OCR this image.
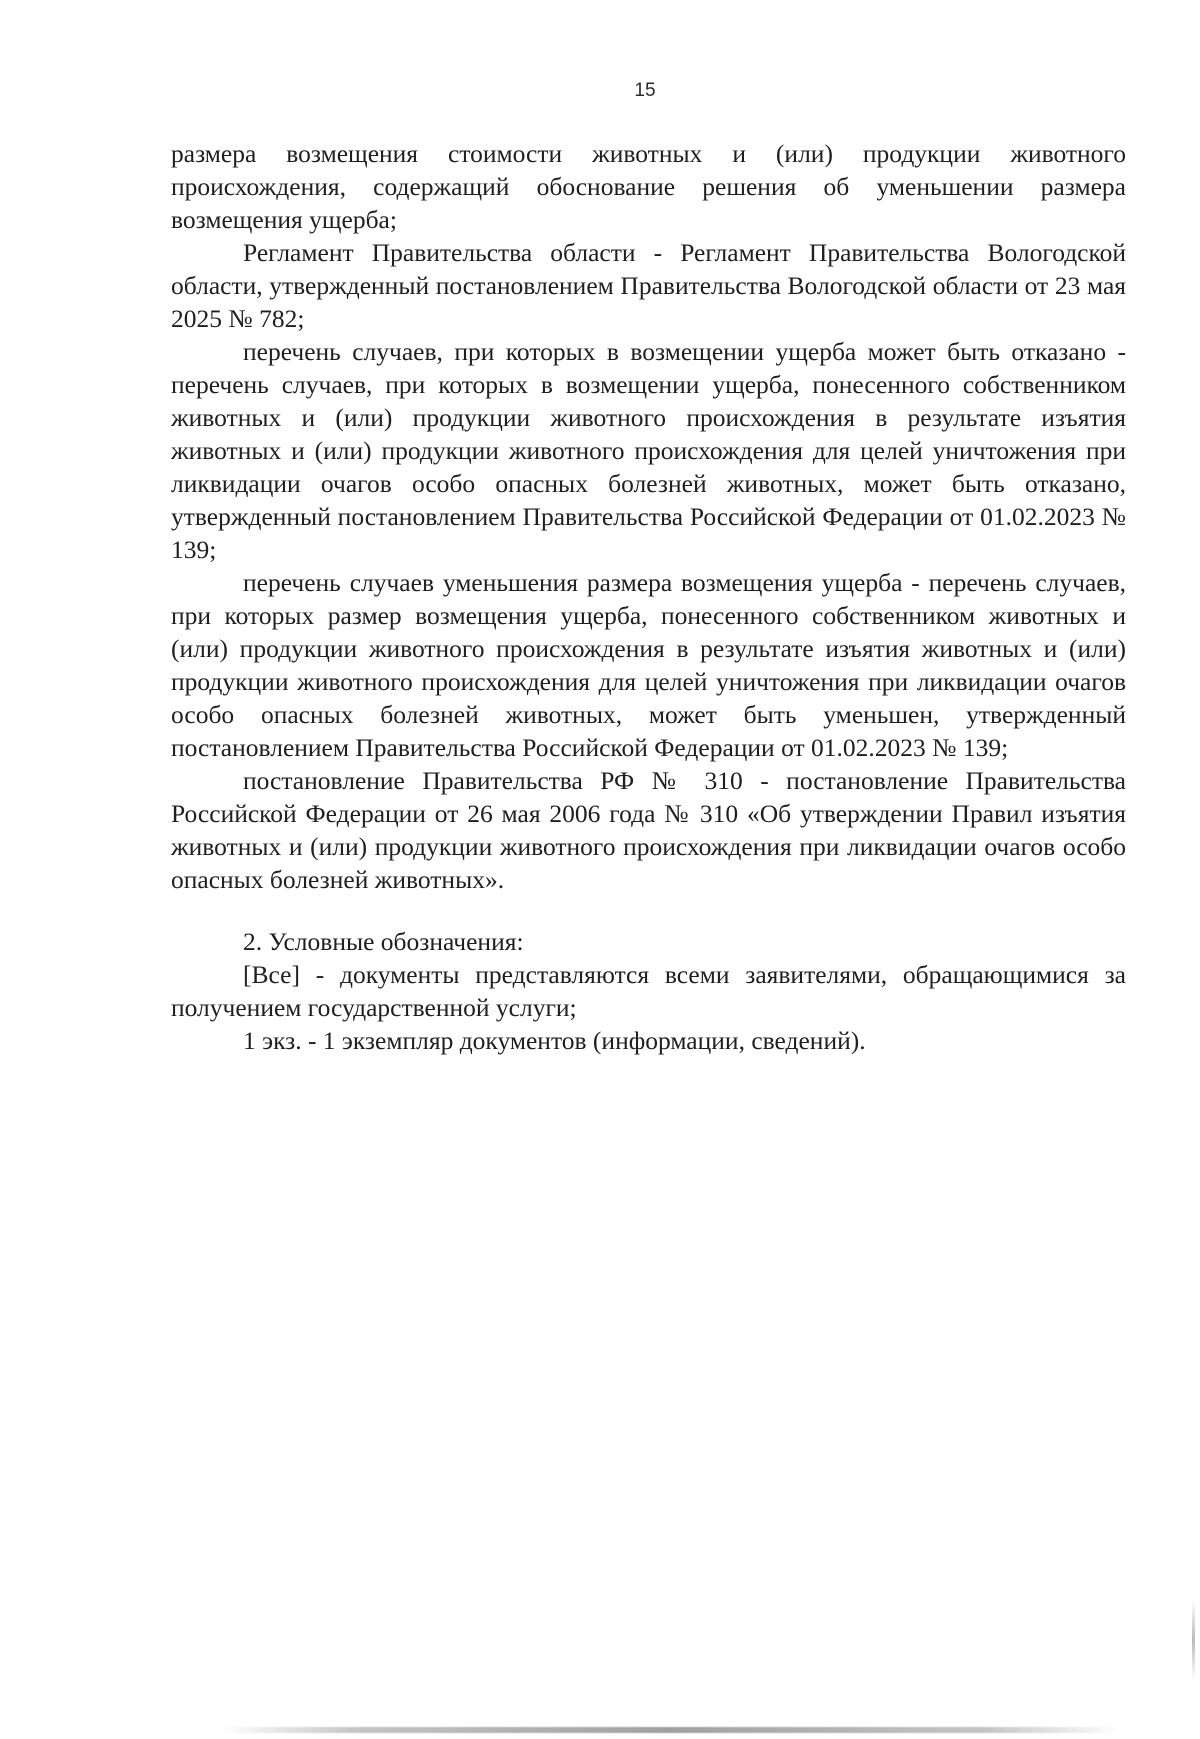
15

размера возмещения стоимости животных и (или) продукции животного происхождения, содержащий обоснование решения об уменьшении размера возмещения ущерба;

Регламент Правительства области - Регламент Правительства Вологодской области, утвержденный постановлением Правительства Вологодской области от 23 мая 2025 № 782;

перечень случаев, при которых в возмещении ущерба может быть отказано - перечень случаев, при которых в возмещении ущерба, понесенного собственником животных и (или) продукции животного происхождения в результате изъятия животных и (или) продукции животного происхождения для целей уничтожения при ликвидации очагов особо опасных болезней животных, может быть отказано, утвержденный постановлением Правительства Российской Федерации от 01.02.2023 № 139;

перечень случаев уменьшения размера возмещения ущерба - перечень случаев, при которых размер возмещения ущерба, понесенного собственником животных и (или) продукции животного происхождения в результате изъятия животных и (или) продукции животного происхождения для целей уничтожения при ликвидации очагов особо опасных болезней животных, может быть уменьшен, утвержденный постановлением Правительства Российской Федерации от 01.02.2023 № 139;

постановление Правительства РФ № 310 - постановление Правительства Российской Федерации от 26 мая 2006 года № 310 «Об утверждении Правил изъятия животных и (или) продукции животного происхождения при ликвидации очагов особо опасных болезней животных».

2. Условные обозначения:

[Все] - документы представляются всеми заявителями, обращающимися за получением государственной услуги;

1 экз. - 1 экземпляр документов (информации, сведений).
